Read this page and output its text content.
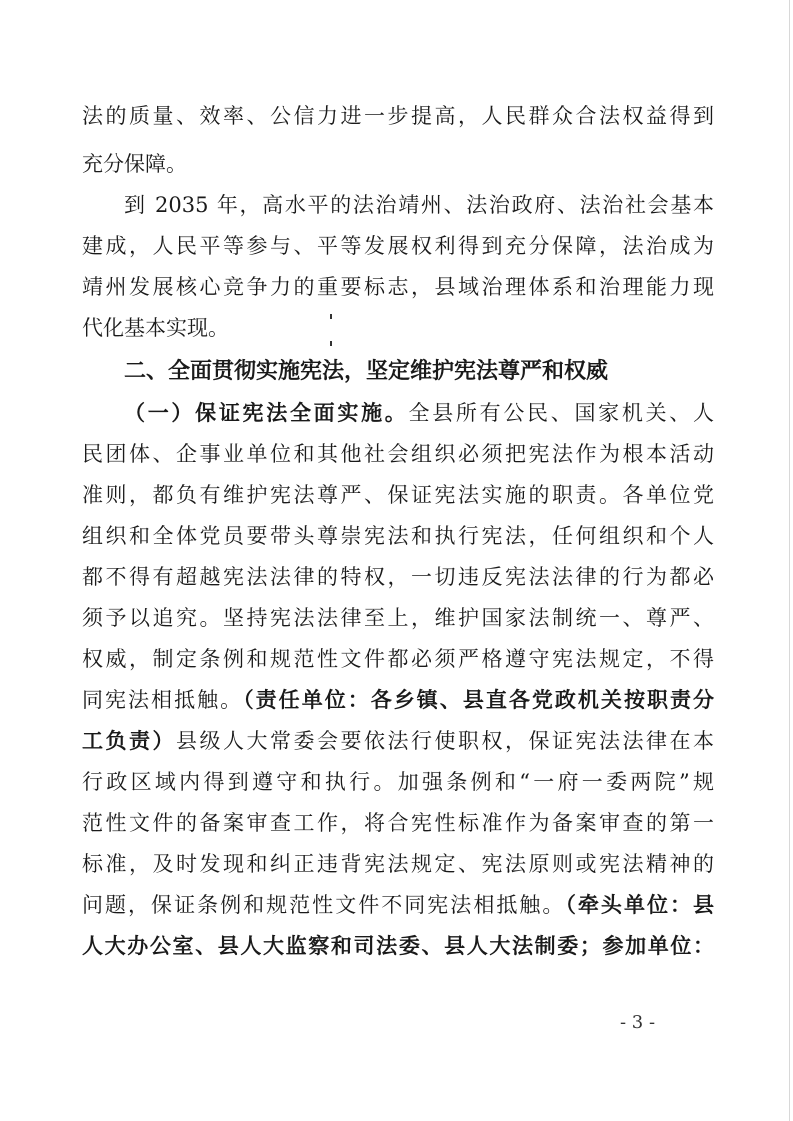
法的质量、效率、公信力进一步提高，人民群众合法权益得到
充分保障。
到 2035 年，高水平的法治靖州、法治政府、法治社会基本
建成，人民平等参与、平等发展权利得到充分保障，法治成为
靖州发展核心竞争力的重要标志，县域治理体系和治理能力现
代化基本实现。
二、全面贯彻实施宪法，坚定维护宪法尊严和权威
（一）保证宪法全面实施。全县所有公民、国家机关、人
民团体、企事业单位和其他社会组织必须把宪法作为根本活动
准则，都负有维护宪法尊严、保证宪法实施的职责。各单位党
组织和全体党员要带头尊崇宪法和执行宪法，任何组织和个人
都不得有超越宪法法律的特权，一切违反宪法法律的行为都必
须予以追究。坚持宪法法律至上，维护国家法制统一、尊严、
权威，制定条例和规范性文件都必须严格遵守宪法规定，不得
同宪法相抵触。（责任单位：各乡镇、县直各党政机关按职责分
工负责）县级人大常委会要依法行使职权，保证宪法法律在本
行政区域内得到遵守和执行。加强条例和“一府一委两院”规
范性文件的备案审查工作，将合宪性标准作为备案审查的第一
标准，及时发现和纠正违背宪法规定、宪法原则或宪法精神的
问题，保证条例和规范性文件不同宪法相抵触。（牵头单位：县
人大办公室、县人大监察和司法委、县人大法制委；参加单位：
- 3 -
